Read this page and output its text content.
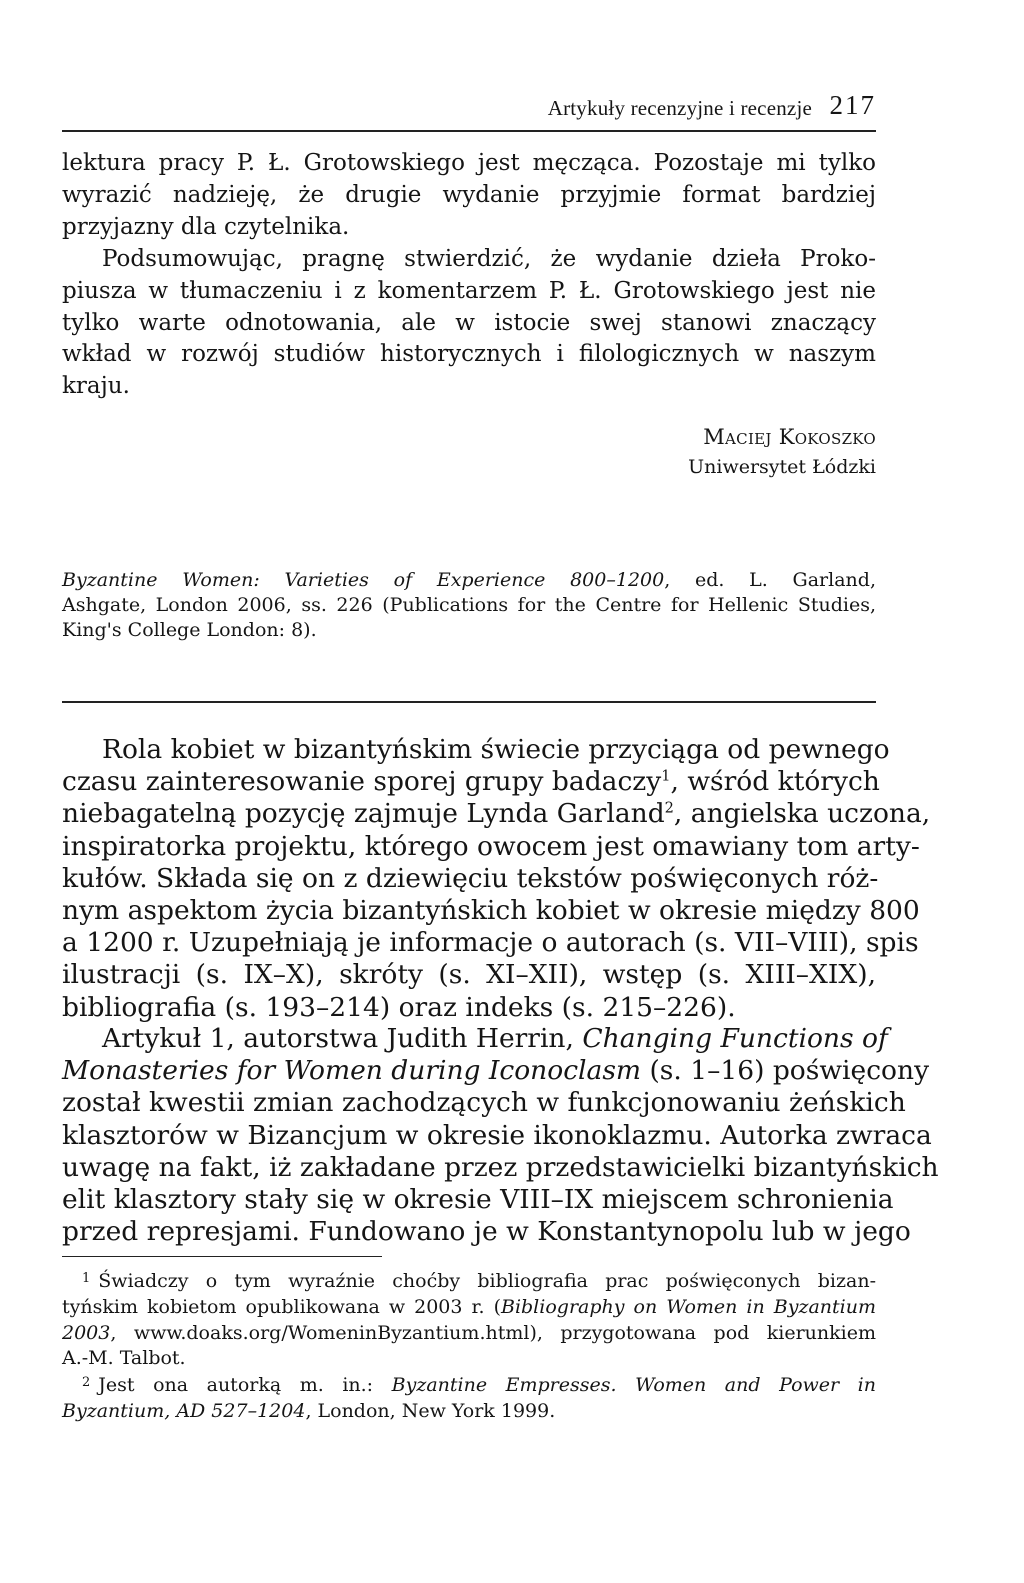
Artykuły recenzyjne i recenzje 217

lektura pracy P. Ł. Grotowskiego jest męcząca. Pozostaje mi tylko
wyrazić nadzieję, że drugie wydanie przyjmie format bardziej
przyjazny dla czytelnika.

Podsumowując, pragnę stwierdzić, że wydanie dzieła Proko-
piusza w tłumaczeniu i z komentarzem P. Ł. Grotowskiego jest nie
tylko warte odnotowania, ale w istocie swej stanowi znaczący
wkład w rozwój studiów historycznych i filologicznych w naszym
kraju.

Maciej Kokoszko
Uniwersytet Łódzki

Byzantine Women: Varieties of Experience 800–1200, ed. L. Garland,
Ashgate, London 2006, ss. 226 (Publications for the Centre for Hellenic Studies,
King's College London: 8).

Rola kobiet w bizantyńskim świecie przyciąga od pewnego
czasu zainteresowanie sporej grupy badaczy$^1$, wśród których
niebagatelną pozycję zajmuje Lynda Garland$^2$, angielska uczona,
inspiratorka projektu, którego owocem jest omawiany tom arty-
kułów. Składa się on z dziewięciu tekstów poświęconych róż-
nym aspektom życia bizantyńskich kobiet w okresie między 800
a 1200 r. Uzupełniają je informacje o autorach (s. VII–VIII), spis
ilustracji (s. IX–X), skróty (s. XI–XII), wstęp (s. XIII–XIX),
bibliografia (s. 193–214) oraz indeks (s. 215–226).

Artykuł 1, autorstwa Judith Herrin, Changing Functions of
Monasteries for Women during Iconoclasm (s. 1–16) poświęcony
został kwestii zmian zachodzących w funkcjonowaniu żeńskich
klasztorów w Bizancjum w okresie ikonoklazmu. Autorka zwraca
uwagę na fakt, iż zakładane przez przedstawicielki bizantyńskich
elit klasztory stały się w okresie VIII–IX miejscem schronienia
przed represjami. Fundowano je w Konstantynopolu lub w jego

$^1$ Świadczy o tym wyraźnie choćby bibliografia prac poświęconych bizan-
tyńskim kobietom opublikowana w 2003 r. (Bibliography on Women in Byzantium
2003, www.doaks.org/WomeninByzantium.html), przygotowana pod kierunkiem
A.-M. Talbot.

$^2$ Jest ona autorką m. in.: Byzantine Empresses. Women and Power in
Byzantium, AD 527–1204, London, New York 1999.
